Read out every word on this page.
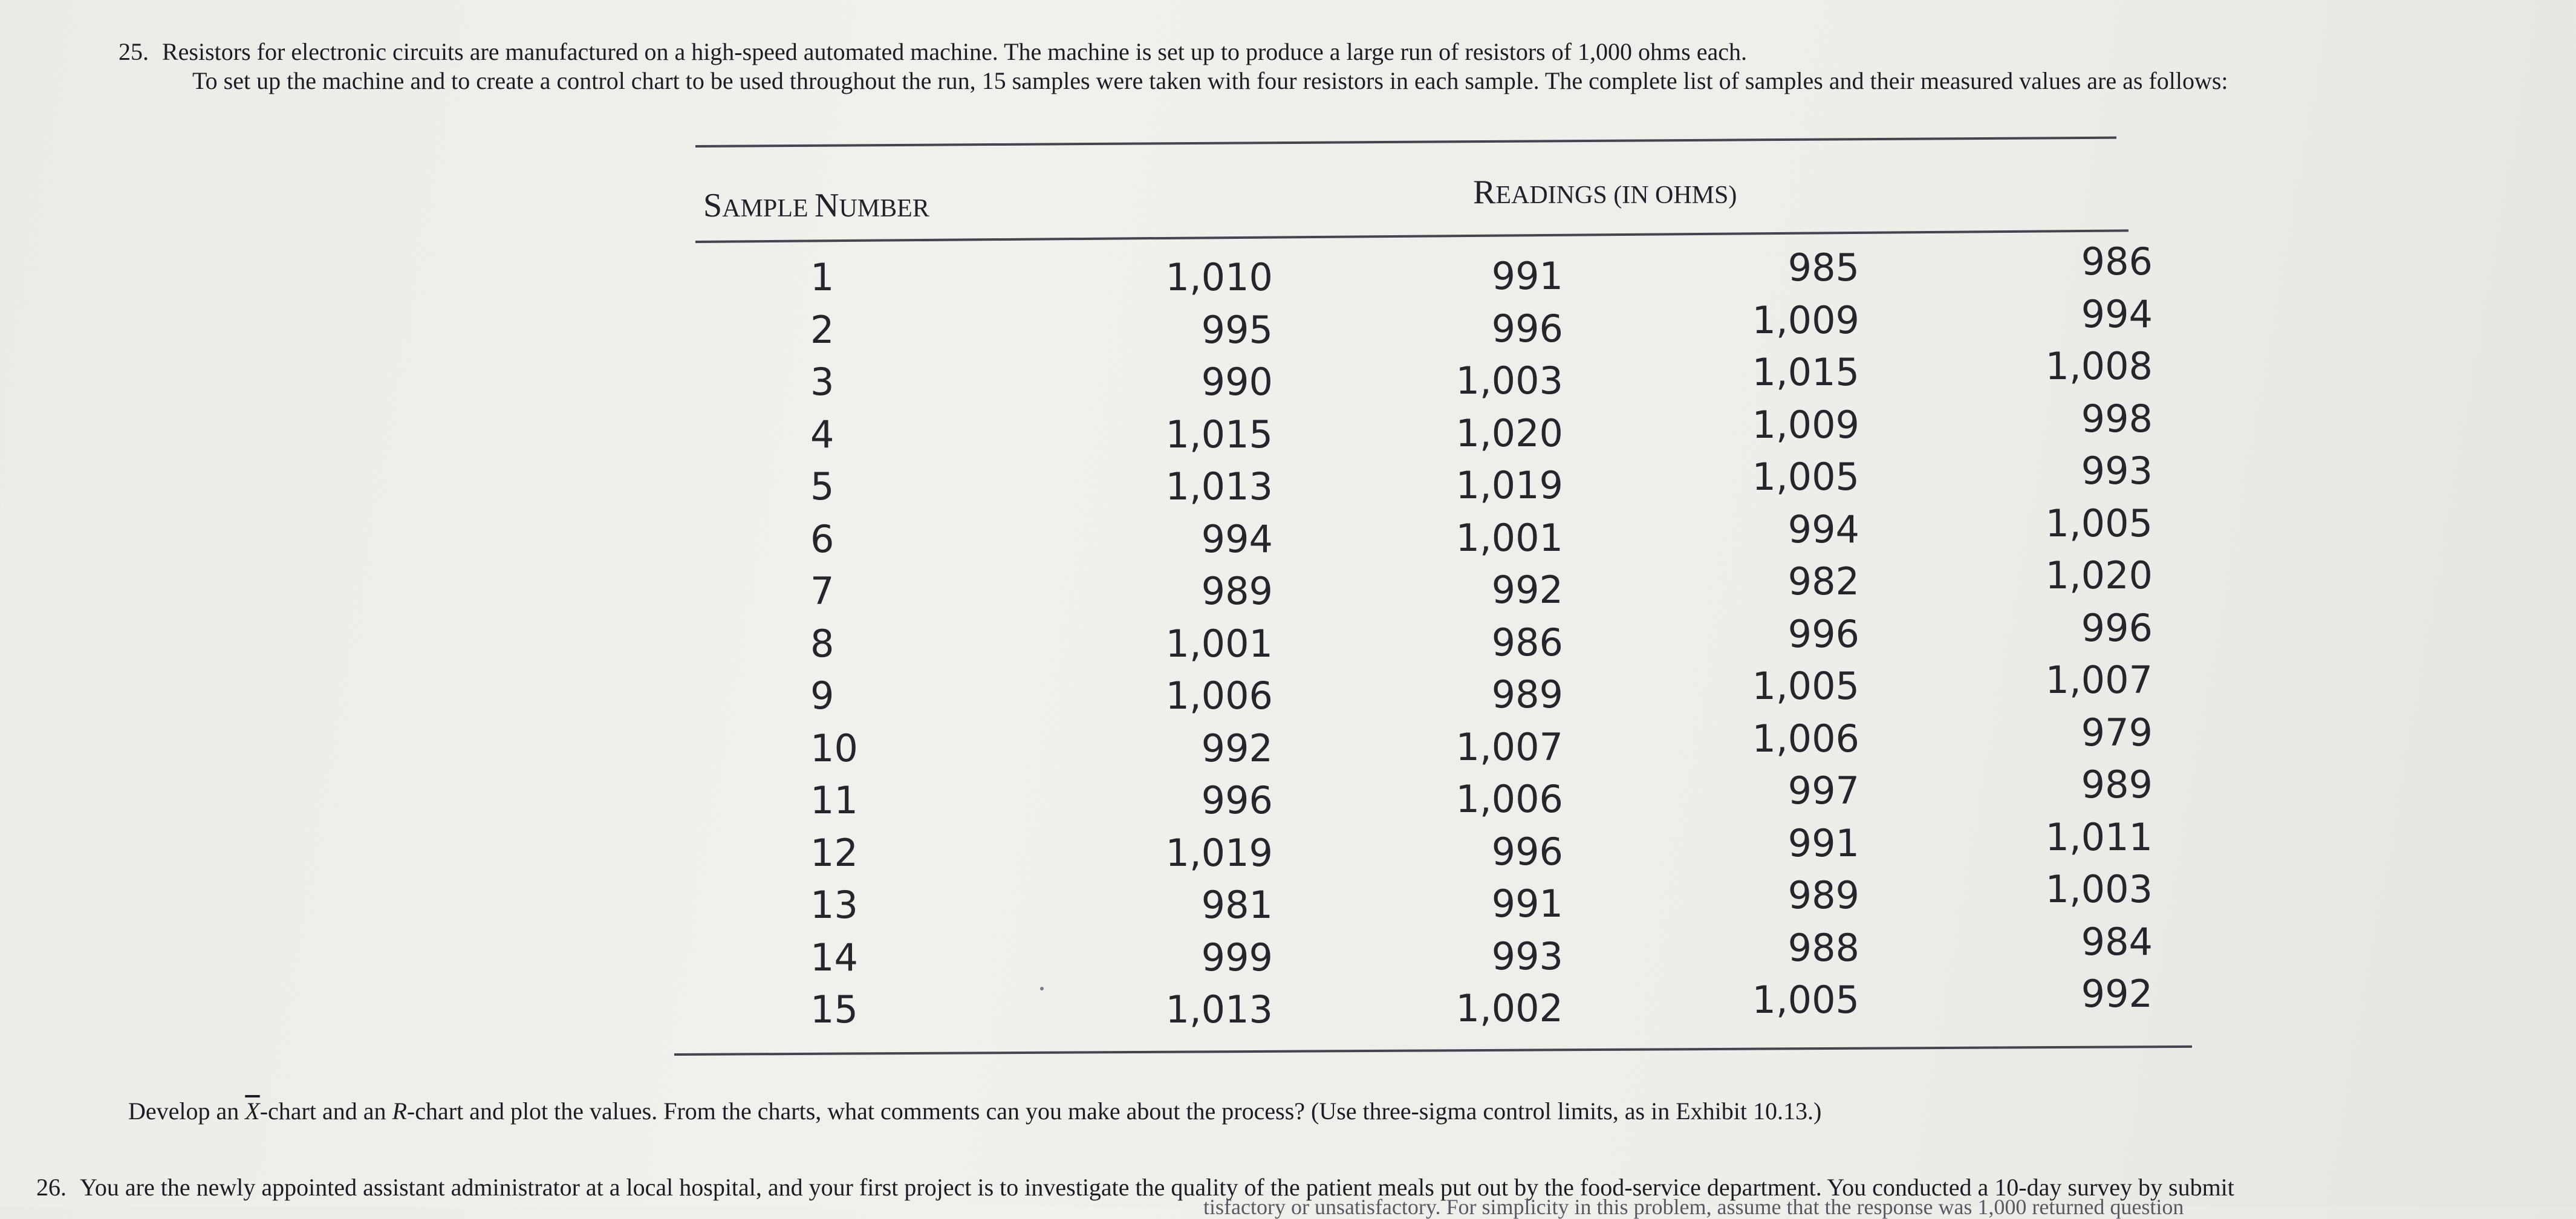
25. Resistors for electronic circuits are manufactured on a high-speed automated machine. The machine is set up to produce a large run of resistors of 1,000 ohms each.

To set up the machine and to create a control chart to be used throughout the run, 15 samples were taken with four resistors in each sample. The complete list of samples and their measured values are as follows:

SAMPLE NUMBER	READINGS (IN OHMS)
1
2
3
4
5
6
7
8
9
10
11
12
13
14
15
1,010
995
990
1,015
1,013
994
989
1,001
1,006
992
996
1,019
981
999
1,013
991
996
1,003
1,020
1,019
1,001
992
986
989
1,007
1,006
996
991
993
1,002
985
1,009
1,015
1,009
1,005
994
982
996
1,005
1,006
997
991
989
988
1,005
986
994
1,008
998
993
1,005
1,020
996
1,007
979
989
1,011
1,003
984
992

Develop an $\overline{X}$-chart and an R-chart and plot the values. From the charts, what comments can you make about the process? (Use three-sigma control limits, as in Exhibit 10.13.)

26. You are the newly appointed assistant administrator at a local hospital, and your first project is to investigate the quality of the patient meals put out by the food-service department. You conducted a 10-day survey by submit

tisfactory or unsatisfactory. For simplicity in this problem, assume that the response was 1,000 returned question
